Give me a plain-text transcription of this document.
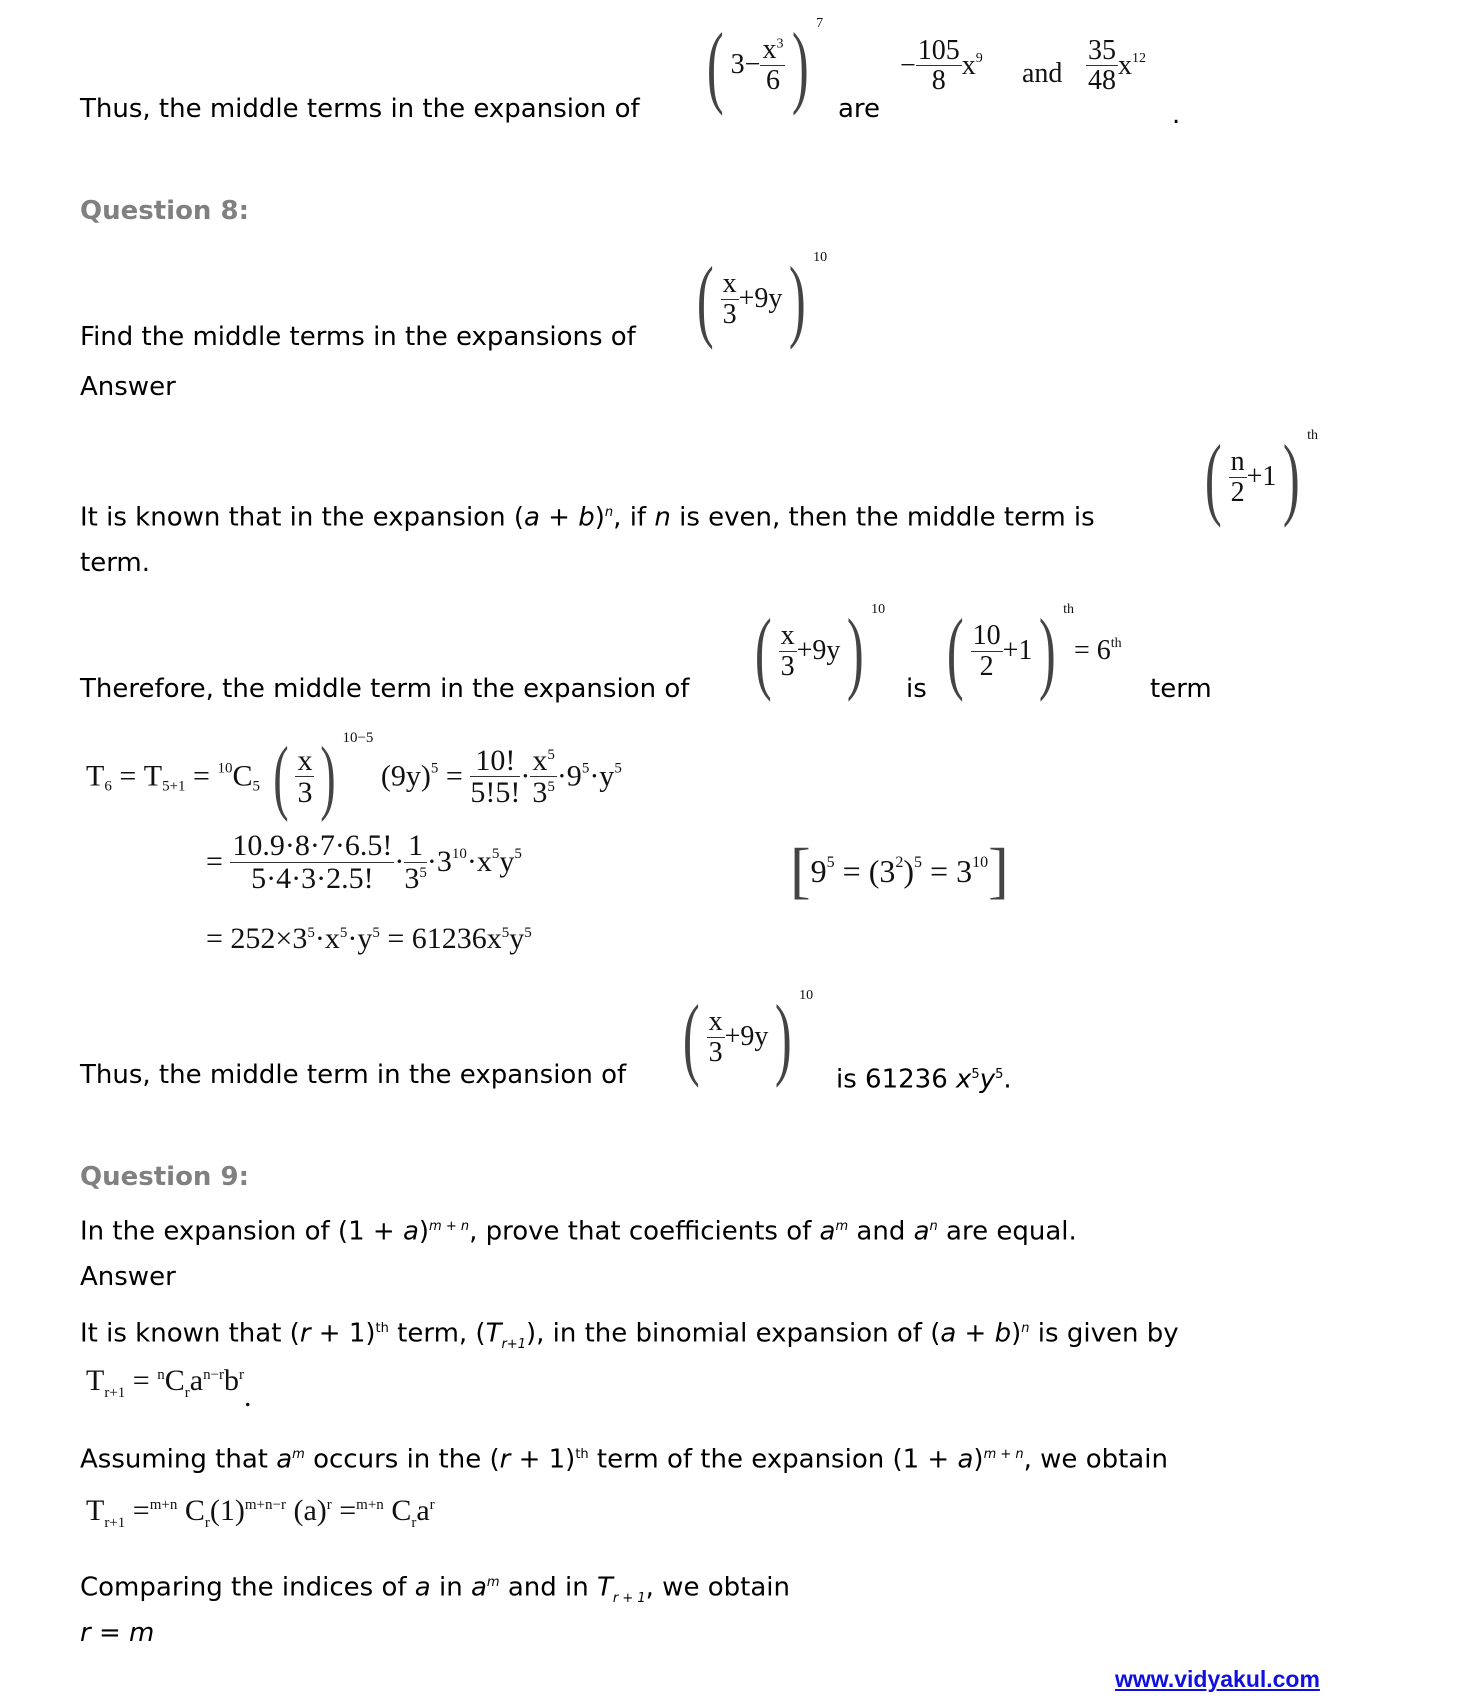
Thus, the middle terms in the expansion of ( $3- \frac{x^3}{6}$ ) $^7$
are
− $\frac{105}{8} x^9$ and $\frac{35}{48} x^{12}$
.
Question 8:
Find the middle terms in the expansions of ( $\frac{x}{3} +9y$) $^{10}$
Answer
It is known that in the expansion $(a + b)^n$, if n is even, then the middle term is ( $\frac{n}{2} +1$) $^{th}$
term.
Therefore, the middle term in the expansion of ( $\frac{x}{3} +9y$) $^{10}$
is ( $\frac{10}{2} +1$) $^{th}$= 6th
term
$T_6 = T_{5+1} = ^{10}C_5$ ( $\frac{x}{3}$ ) $^{10-5}$ $(9y)^5 = \frac{10!}{5!5!} \cdot \frac{x^5}{3^5} \cdot 9^5\cdot y^5$
= $\frac{10.9\cdot 8\cdot 7\cdot 6.5!}{5\cdot 4\cdot 3\cdot 2.5!} \cdot \frac{1}{3^5} \cdot 3^{10}\cdot x^5y^5$	$[9^5 = (3^2)^5 = 3^{10}]$
= $252\times 3^5\cdot x^5\cdot y^5 = 61236x^5y^5$
Thus, the middle term in the expansion of ( $\frac{x}{3} +9y$) $^{10}$
is 61236 $x^5y^5$.
Question 9:
In the expansion of $(1 + a)^{m + n}$, prove that coefficients of $a^m$ and $a^n$ are equal.
Answer
It is known that $(r + 1)^{th}$ term, $(T_{r+1})$, in the binomial expansion of $(a + b)^n$ is given by
$T_{r+1} = ^nC_ra^{n-r}b^r$.
Assuming that $a^m$ occurs in the $(r + 1)^{th}$ term of the expansion $(1 + a)^{m + n}$, we obtain
$T_{r+1} =^{m+n}$ $C_r(1)^{m+n-r}$ $(a)^r =^{m+n}$ $C_ra^r$
Comparing the indices of a in $a^m$ and in $T_{r + 1}$, we obtain
r = m
www.vidyakul.com
